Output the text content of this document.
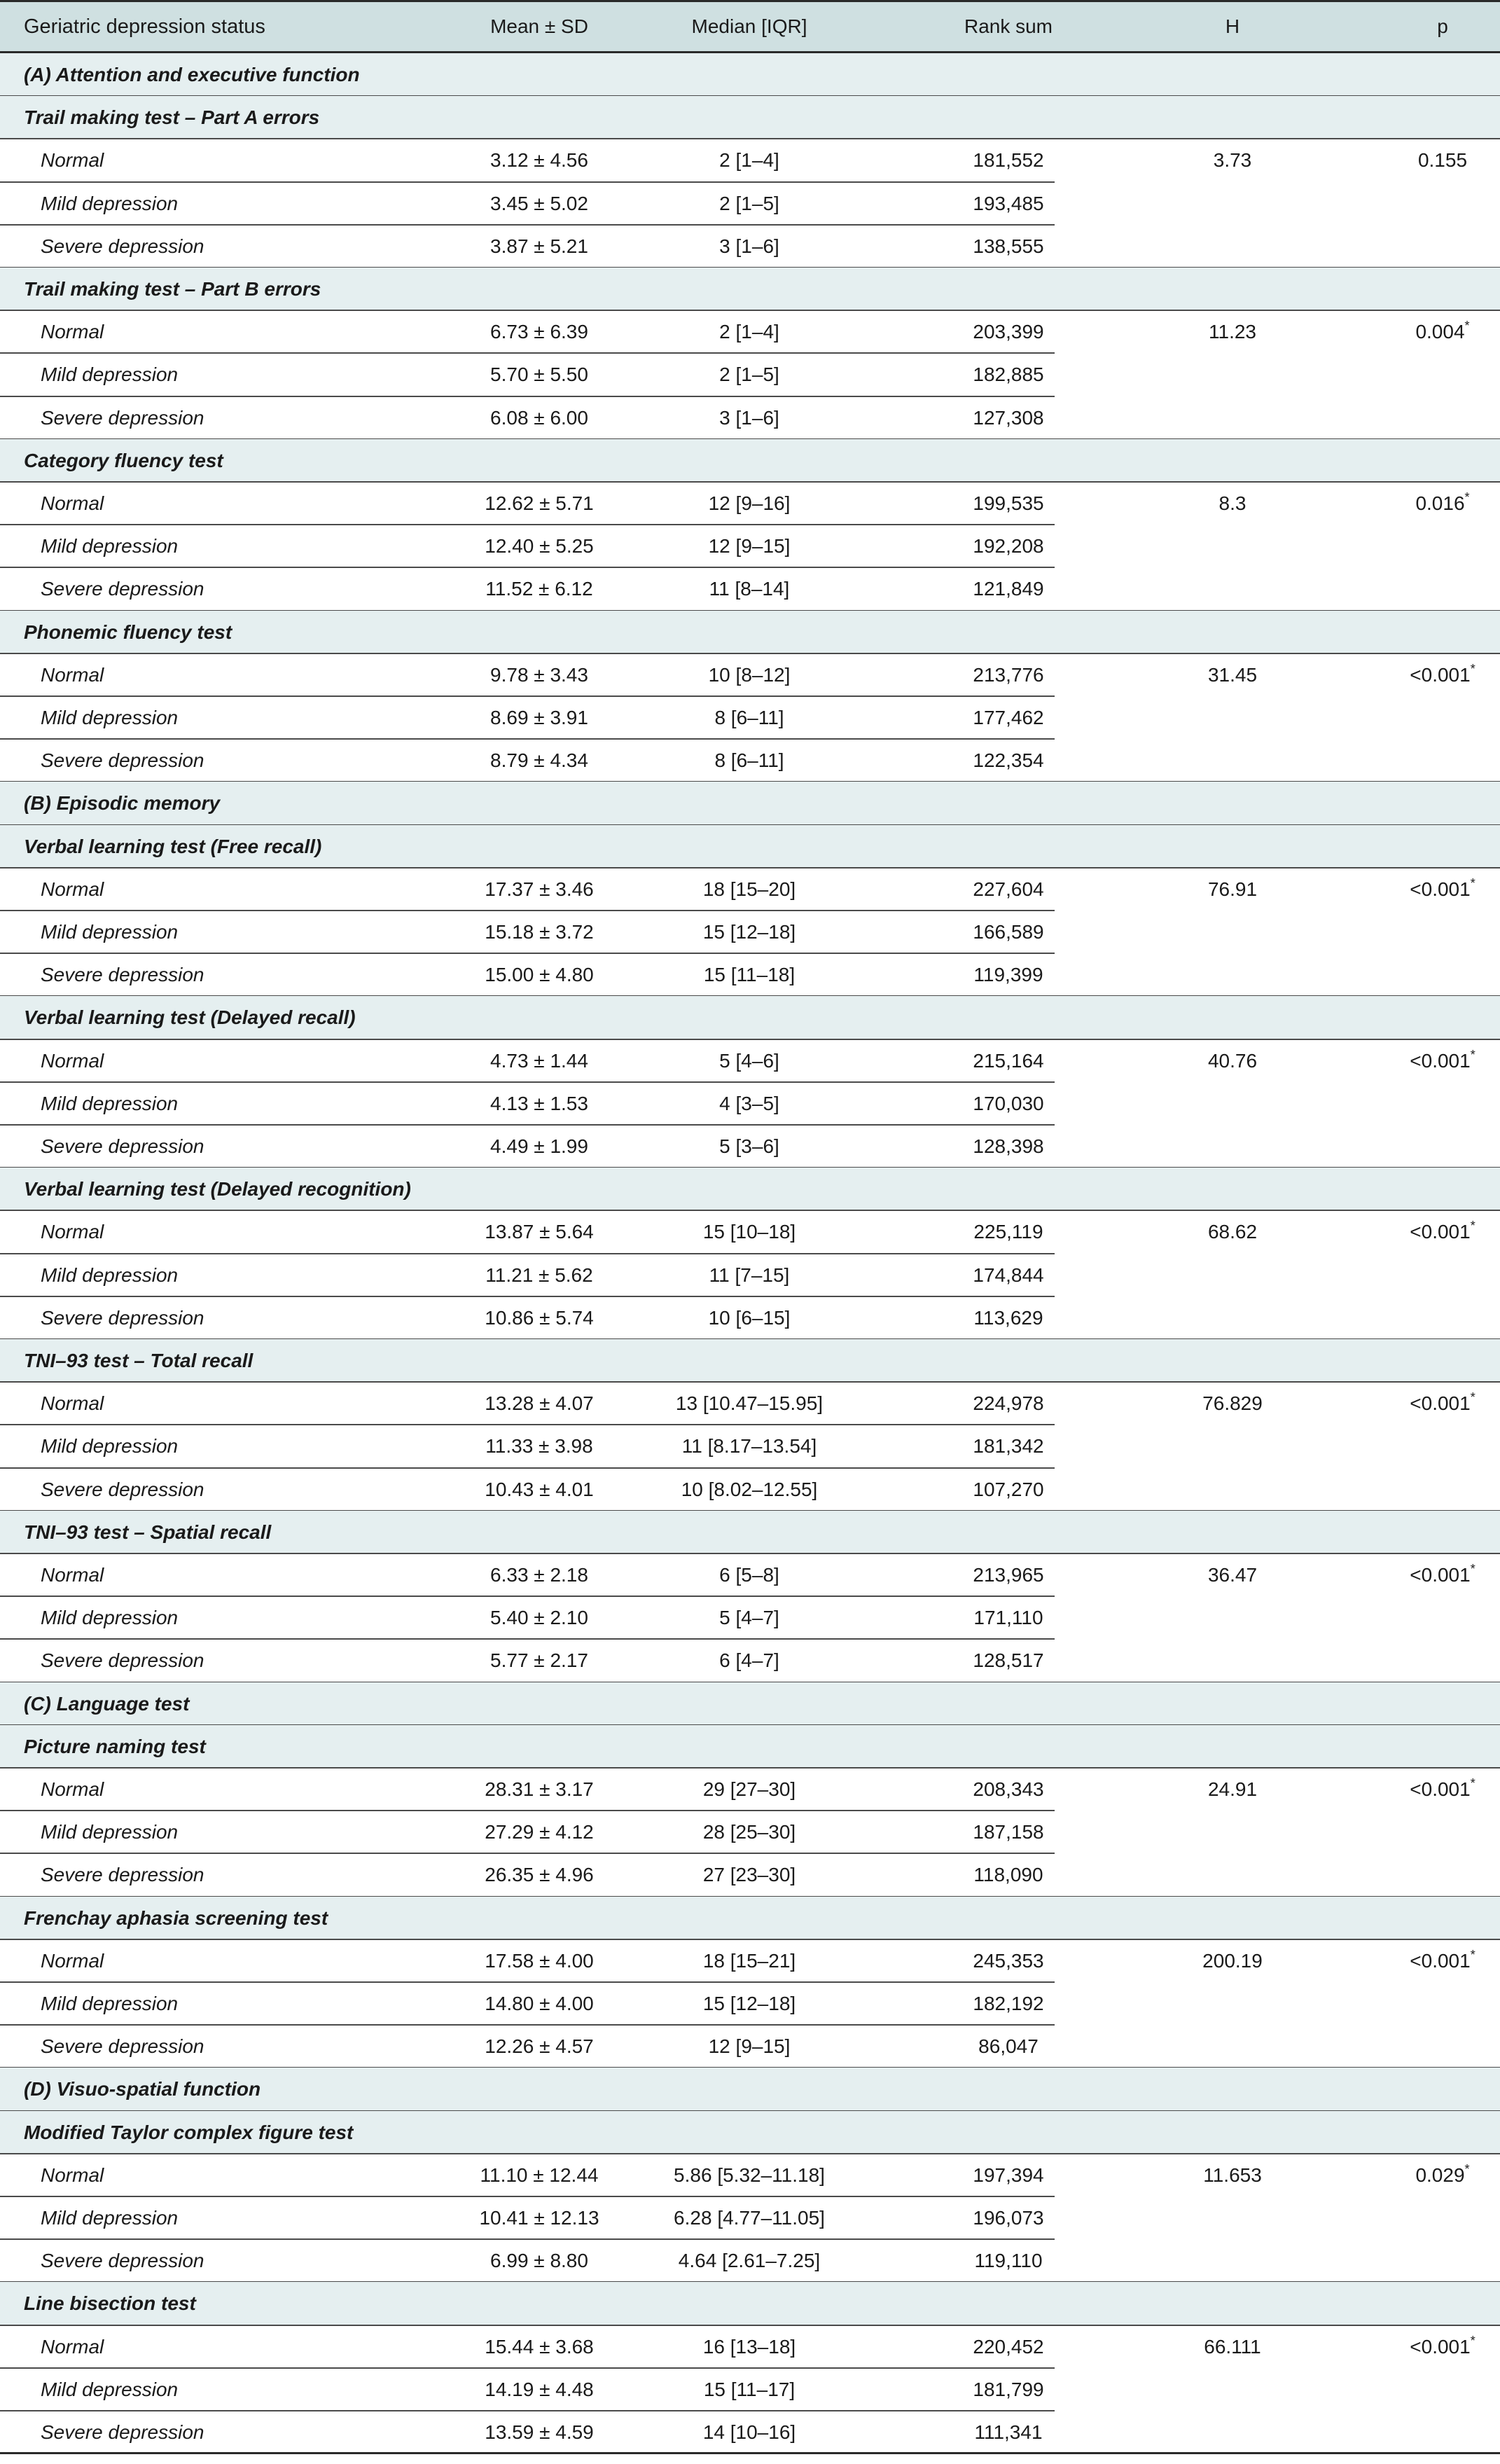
Geriatric depression status	Mean ± SD	Median [IQR]	Rank sum	H	p
(A) Attention and executive function
Trail making test – Part A errors
Normal	3.12 ± 4.56	2 [1–4]	181,552	3.73	0.155
Mild depression	3.45 ± 5.02	2 [1–5]	193,485
Severe depression	3.87 ± 5.21	3 [1–6]	138,555
Trail making test – Part B errors
Normal	6.73 ± 6.39	2 [1–4]	203,399	11.23	0.004*
Mild depression	5.70 ± 5.50	2 [1–5]	182,885
Severe depression	6.08 ± 6.00	3 [1–6]	127,308
Category fluency test
Normal	12.62 ± 5.71	12 [9–16]	199,535	8.3	0.016*
Mild depression	12.40 ± 5.25	12 [9–15]	192,208
Severe depression	11.52 ± 6.12	11 [8–14]	121,849
Phonemic fluency test
Normal	9.78 ± 3.43	10 [8–12]	213,776	31.45	<0.001*
Mild depression	8.69 ± 3.91	8 [6–11]	177,462
Severe depression	8.79 ± 4.34	8 [6–11]	122,354
(B) Episodic memory
Verbal learning test (Free recall)
Normal	17.37 ± 3.46	18 [15–20]	227,604	76.91	<0.001*
Mild depression	15.18 ± 3.72	15 [12–18]	166,589
Severe depression	15.00 ± 4.80	15 [11–18]	119,399
Verbal learning test (Delayed recall)
Normal	4.73 ± 1.44	5 [4–6]	215,164	40.76	<0.001*
Mild depression	4.13 ± 1.53	4 [3–5]	170,030
Severe depression	4.49 ± 1.99	5 [3–6]	128,398
Verbal learning test (Delayed recognition)
Normal	13.87 ± 5.64	15 [10–18]	225,119	68.62	<0.001*
Mild depression	11.21 ± 5.62	11 [7–15]	174,844
Severe depression	10.86 ± 5.74	10 [6–15]	113,629
TNI–93 test – Total recall
Normal	13.28 ± 4.07	13 [10.47–15.95]	224,978	76.829	<0.001*
Mild depression	11.33 ± 3.98	11 [8.17–13.54]	181,342
Severe depression	10.43 ± 4.01	10 [8.02–12.55]	107,270
TNI–93 test – Spatial recall
Normal	6.33 ± 2.18	6 [5–8]	213,965	36.47	<0.001*
Mild depression	5.40 ± 2.10	5 [4–7]	171,110
Severe depression	5.77 ± 2.17	6 [4–7]	128,517
(C) Language test
Picture naming test
Normal	28.31 ± 3.17	29 [27–30]	208,343	24.91	<0.001*
Mild depression	27.29 ± 4.12	28 [25–30]	187,158
Severe depression	26.35 ± 4.96	27 [23–30]	118,090
Frenchay aphasia screening test
Normal	17.58 ± 4.00	18 [15–21]	245,353	200.19	<0.001*
Mild depression	14.80 ± 4.00	15 [12–18]	182,192
Severe depression	12.26 ± 4.57	12 [9–15]	86,047
(D) Visuo-spatial function
Modified Taylor complex figure test
Normal	11.10 ± 12.44	5.86 [5.32–11.18]	197,394	11.653	0.029*
Mild depression	10.41 ± 12.13	6.28 [4.77–11.05]	196,073
Severe depression	6.99 ± 8.80	4.64 [2.61–7.25]	119,110
Line bisection test
Normal	15.44 ± 3.68	16 [13–18]	220,452	66.111	<0.001*
Mild depression	14.19 ± 4.48	15 [11–17]	181,799
Severe depression	13.59 ± 4.59	14 [10–16]	111,341
